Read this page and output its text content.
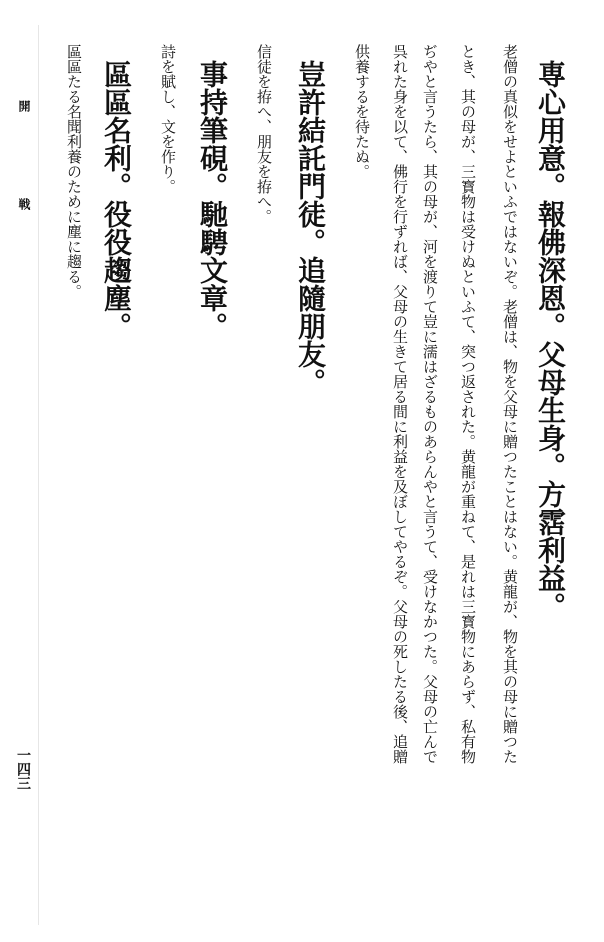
専心用意。報佛深恩。父母生身。方霑利益。
老僧の真似をせよといふではないぞ。老僧は、物を父母に贈つたことはない。黄龍が、物を其の母に贈つた
とき、其の母が、三寳物は受けぬといふて、突つ返された。黄龍が重ねて、是れは三寳物にあらず、私有物
ぢやと言うたら、其の母が、河を渡りて豈に濡はざるものあらんやと言うて、受けなかつた。父母の亡んで
呉れた身を以て、佛行を行ずれば、父母の生きて居る間に利益を及ぼしてやるぞ。父母の死したる後、追贈
供養するを待たぬ。
豈許結託門徒。追隨朋友。
信徒を拵へ、朋友を拵へ。
事持筆硯。馳騁文章。
詩を賦し、文を作り。
區區名利。役役趨塵。
區區たる名聞利養のために塵に趨る。
開 戦
一四三
